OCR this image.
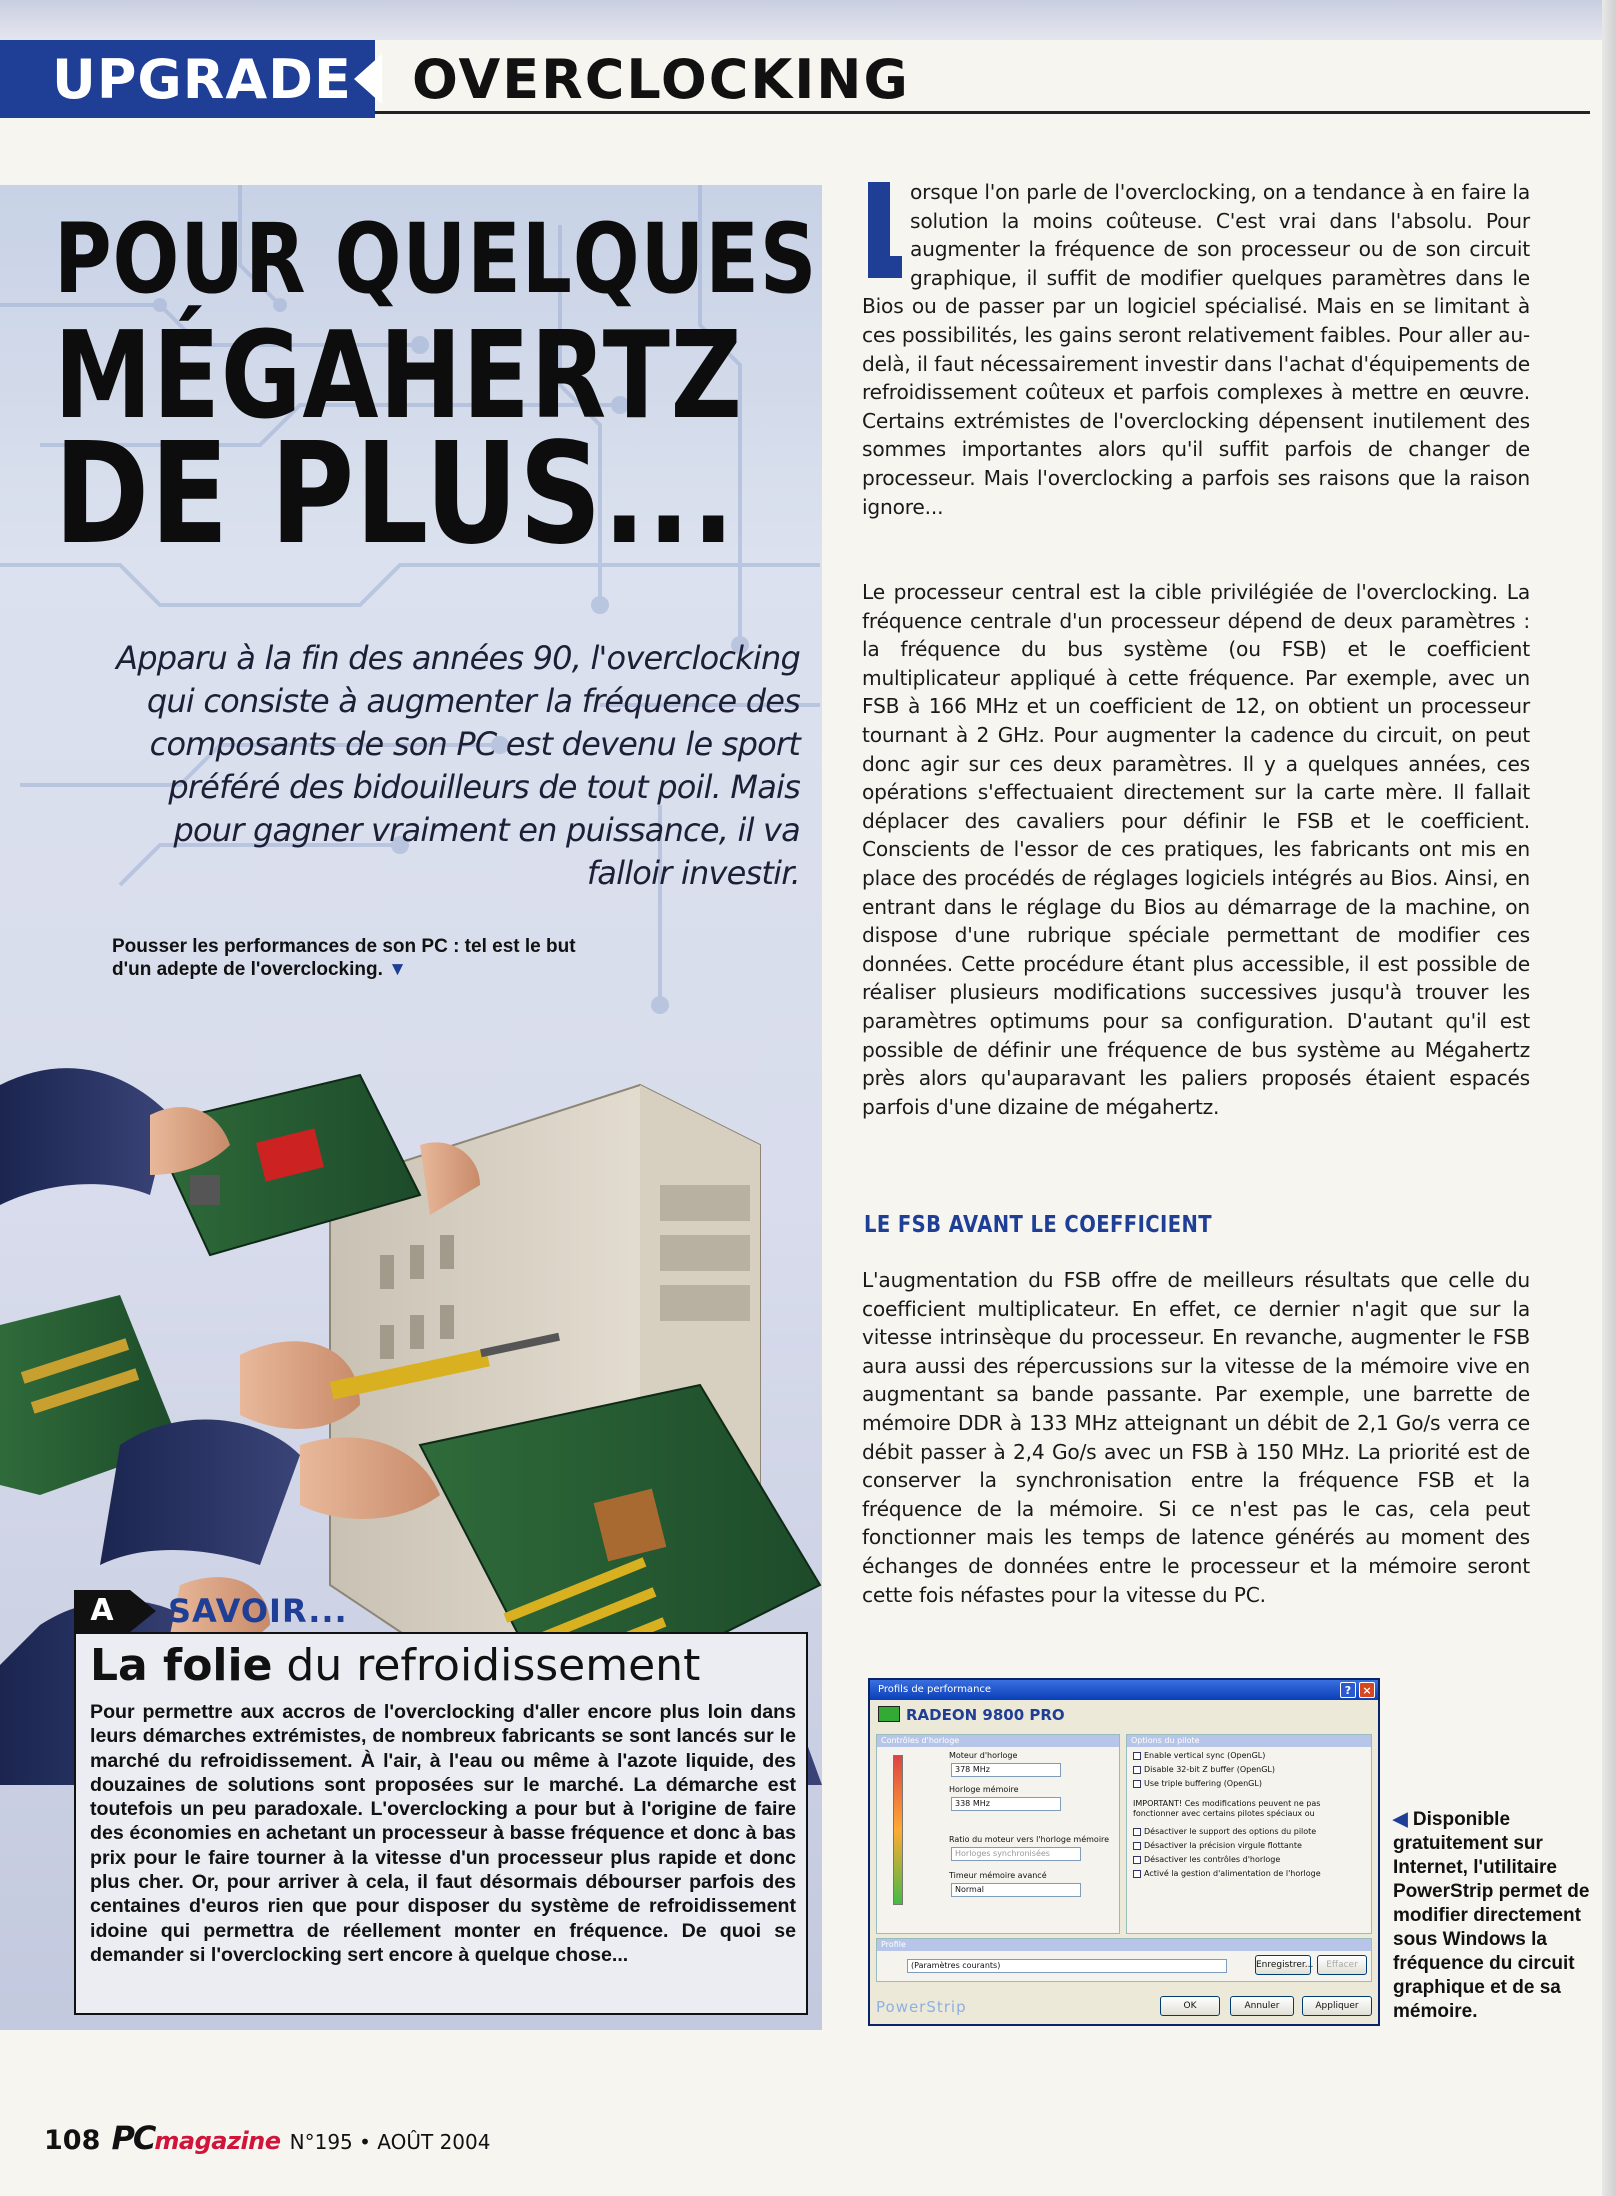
UPGRADE	OVERCLOCKING
POUR QUELQUES
MÉGAHERTZ
DE PLUS...
Apparu à la fin des années 90, l'overclocking qui consiste à augmenter la fréquence des composants de son PC est devenu le sport préféré des bidouilleurs de tout poil. Mais pour gagner vraiment en puissance, il va falloir investir.
Pousser les performances de son PC : tel est le but d'un adepte de l'overclocking. ▼
A	SAVOIR...
La folie du refroidissement
Pour permettre aux accros de l'overclocking d'aller encore plus loin dans leurs démarches extrémistes, de nombreux fabricants se sont lancés sur le marché du refroidissement. À l'air, à l'eau ou même à l'azote liquide, des douzaines de solutions sont proposées sur le marché. La démarche est toutefois un peu paradoxale. L'overclocking a pour but à l'origine de faire des économies en achetant un processeur à basse fréquence et donc à bas prix pour le faire tourner à la vitesse d'un processeur plus rapide et donc plus cher. Or, pour arriver à cela, il faut désormais débourser parfois des centaines d'euros rien que pour disposer du système de refroidissement idoine qui permettra de réellement monter en fréquence. De quoi se demander si l'overclocking sert encore à quelque chose...
orsque l'on parle de l'overclocking, on a tendance à en faire la solution la moins coûteuse. C'est vrai dans l'absolu. Pour augmenter la fréquence de son processeur ou de son circuit graphique, il suffit de modifier quelques paramètres dans le Bios ou de passer par un logiciel spécialisé. Mais en se limitant à ces possibilités, les gains seront relativement faibles. Pour aller au-delà, il faut nécessairement investir dans l'achat d'équipements de refroidissement coûteux et parfois complexes à mettre en œuvre. Certains extrémistes de l'overclocking dépensent inutilement des sommes importantes alors qu'il suffit parfois de changer de processeur. Mais l'overclocking a parfois ses raisons que la raison ignore...
Le processeur central est la cible privilégiée de l'overclocking. La fréquence centrale d'un processeur dépend de deux paramètres : la fréquence du bus système (ou FSB) et le coefficient multiplicateur appliqué à cette fréquence. Par exemple, avec un FSB à 166 MHz et un coefficient de 12, on obtient un processeur tournant à 2 GHz. Pour augmenter la cadence du circuit, on peut donc agir sur ces deux paramètres. Il y a quelques années, ces opérations s'effectuaient directement sur la carte mère. Il fallait déplacer des cavaliers pour définir le FSB et le coefficient. Conscients de l'essor de ces pratiques, les fabricants ont mis en place des procédés de réglages logiciels intégrés au Bios. Ainsi, en entrant dans le réglage du Bios au démarrage de la machine, on dispose d'une rubrique spéciale permettant de modifier ces données. Cette procédure étant plus accessible, il est possible de réaliser plusieurs modifications successives jusqu'à trouver les paramètres optimums pour sa configuration. D'autant qu'il est possible de définir une fréquence de bus système au Mégahertz près alors qu'auparavant les paliers proposés étaient espacés parfois d'une dizaine de mégahertz.
LE FSB AVANT LE COEFFICIENT
L'augmentation du FSB offre de meilleurs résultats que celle du coefficient multiplicateur. En effet, ce dernier n'agit que sur la vitesse intrinsèque du processeur. En revanche, augmenter le FSB aura aussi des répercussions sur la vitesse de la mémoire vive en augmentant sa bande passante. Par exemple, une barrette de mémoire DDR à 133 MHz atteignant un débit de 2,1 Go/s verra ce débit passer à 2,4 Go/s avec un FSB à 150 MHz. La priorité est de conserver la synchronisation entre la fréquence FSB et la fréquence de la mémoire. Si ce n'est pas le cas, cela peut fonctionner mais les temps de latence générés au moment des échanges de données entre le processeur et la mémoire seront cette fois néfastes pour la vitesse du PC.
Profils de performance	?	×
RADEON 9800 PRO
Contrôles d'horloge
Moteur d'horloge
378 MHz
Horloge mémoire
338 MHz
Ratio du moteur vers l'horloge mémoire
Horloges synchronisées
Timeur mémoire avancé
Normal
Options du pilote
Enable vertical sync (OpenGL)
Disable 32-bit Z buffer (OpenGL)
Use triple buffering (OpenGL)
IMPORTANT! Ces modifications peuvent ne pas fonctionner avec certains pilotes spéciaux ou
Désactiver le support des options du pilote
Désactiver la précision virgule flottante
Désactiver les contrôles d'horloge
Activé la gestion d'alimentation de l'horloge
Profile
(Paramètres courants)	Enregistrer...	Effacer
PowerStrip	OK	Annuler	Appliquer
◀ Disponible gratuitement sur Internet, l'utilitaire PowerStrip permet de modifier directement sous Windows la fréquence du circuit graphique et de sa mémoire.
108 PCmagazine N°195 • AOÛT 2004
